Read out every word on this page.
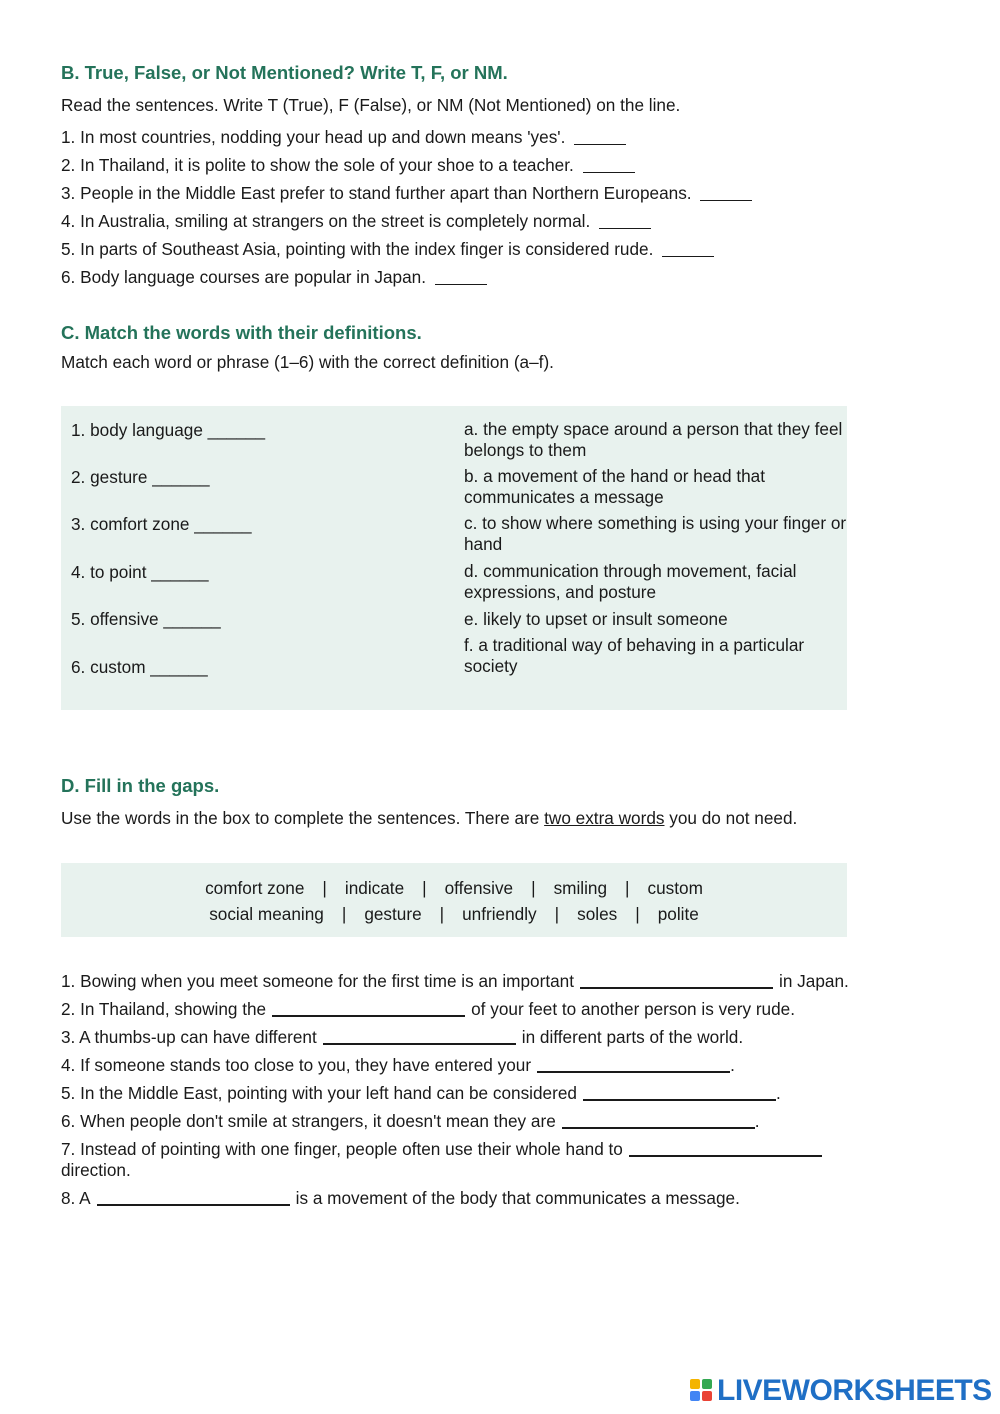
B. True, False, or Not Mentioned? Write T, F, or NM.
Read the sentences. Write T (True), F (False), or NM (Not Mentioned) on the line.
1. In most countries, nodding your head up and down means 'yes'.
2. In Thailand, it is polite to show the sole of your shoe to a teacher.
3. People in the Middle East prefer to stand further apart than Northern Europeans.
4. In Australia, smiling at strangers on the street is completely normal.
5. In parts of Southeast Asia, pointing with the index finger is considered rude.
6. Body language courses are popular in Japan.
C. Match the words with their definitions.
Match each word or phrase (1–6) with the correct definition (a–f).
1. body language ______
2. gesture ______
3. comfort zone ______
4. to point ______
5. offensive ______
6. custom ______
a. the empty space around a person that they feel belongs to them
b. a movement of the hand or head that communicates a message
c. to show where something is using your finger or hand
d. communication through movement, facial expressions, and posture
e. likely to upset or insult someone
f. a traditional way of behaving in a particular society
D. Fill in the gaps.
Use the words in the box to complete the sentences. There are two extra words you do not need.
comfort zone | indicate | offensive | smiling | custom
social meaning | gesture | unfriendly | soles | polite
1. Bowing when you meet someone for the first time is an important	in Japan.
2. In Thailand, showing the	of your feet to another person is very rude.
3. A thumbs-up can have different	in different parts of the world.
4. If someone stands too close to you, they have entered your	.
5. In the Middle East, pointing with your left hand can be considered	.
6. When people don't smile at strangers, it doesn't mean they are	.
7. Instead of pointing with one finger, people often use their whole hand to
direction.
8. A	is a movement of the body that communicates a message.
LIVEWORKSHEETS
